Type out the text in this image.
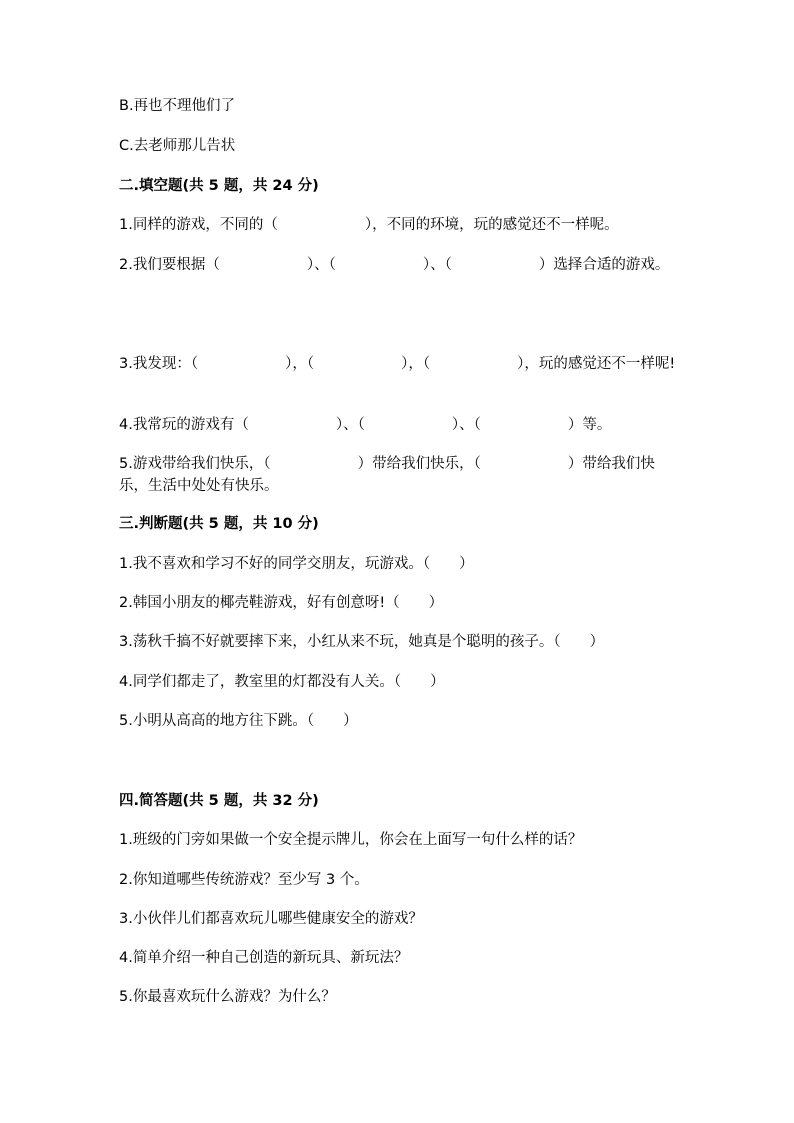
B.再也不理他们了
C.去老师那儿告状
二.填空题(共 5 题，共 24 分)
1.同样的游戏，不同的（　　　　　　），不同的环境，玩的感觉还不一样呢。
2.我们要根据（　　　　　　）、（　　　　　　）、（　　　　　　）选择合适的游戏。
3.我发现：（　　　　　　），（　　　　　　），（　　　　　　），玩的感觉还不一样呢!
4.我常玩的游戏有（　　　　　　）、（　　　　　　）、（　　　　　　）等。
5.游戏带给我们快乐，（　　　　　　）带给我们快乐，（　　　　　　）带给我们快乐，生活中处处有快乐。
三.判断题(共 5 题，共 10 分)
1.我不喜欢和学习不好的同学交朋友，玩游戏。（　　）
2.韩国小朋友的椰壳鞋游戏，好有创意呀!（　　）
3.荡秋千搞不好就要摔下来，小红从来不玩，她真是个聪明的孩子。（　　）
4.同学们都走了，教室里的灯都没有人关。（　　）
5.小明从高高的地方往下跳。（　　）
四.简答题(共 5 题，共 32 分)
1.班级的门旁如果做一个安全提示牌儿，你会在上面写一句什么样的话？
2.你知道哪些传统游戏？至少写 3 个。
3.小伙伴儿们都喜欢玩儿哪些健康安全的游戏？
4.简单介绍一种自己创造的新玩具、新玩法？
5.你最喜欢玩什么游戏？为什么？
